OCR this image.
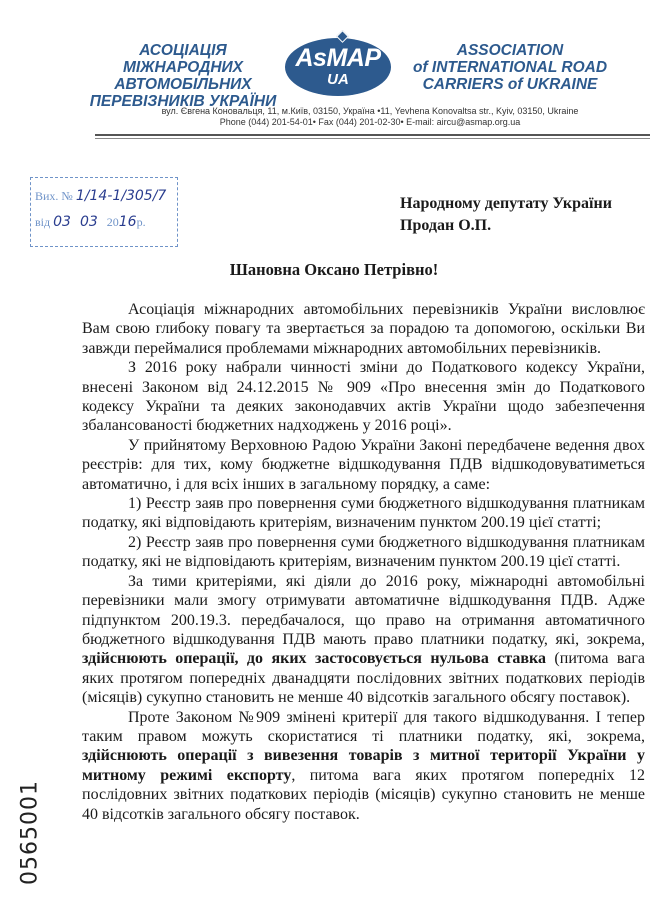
АСОЦІАЦІЯ
МІЖНАРОДНИХ АВТОМОБІЛЬНИХ
ПЕРЕВІЗНИКІВ УКРАЇНИ
AsMAP
UA
ASSOCIATION
of INTERNATIONAL ROAD
CARRIERS of UKRAINE
вул. Євгена Коновальця, 11, м.Київ, 03150, Україна •11, Yevhena Konovaltsa str., Kyiv, 03150, Ukraine
Phone (044) 201-54-01• Fax (044) 201-02-30• E-mail: aircu@asmap.org.ua
Вих. № 1/14-1/305/7
від 03 03 2016р.
Народному депутату України
Продан О.П.
Шановна Оксано Петрівно!

Асоціація міжнародних автомобільних перевізників України висловлює Вам свою глибоку повагу та звертається за порадою та допомогою, оскільки Ви завжди переймалися проблемами міжнародних автомобільних перевізників.

З 2016 року набрали чинності зміни до Податкового кодексу України, внесені Законом від 24.12.2015 № 909 «Про внесення змін до Податкового кодексу України та деяких законодавчих актів України щодо забезпечення збалансованості бюджетних надходжень у 2016 році».

У прийнятому Верховною Радою України Законі передбачене ведення двох реєстрів: для тих, кому бюджетне відшкодування ПДВ відшкодовуватиметься автоматично, і для всіх інших в загальному порядку, а саме:

1) Реєстр заяв про повернення суми бюджетного відшкодування платникам податку, які відповідають критеріям, визначеним пунктом 200.19 цієї статті;

2) Реєстр заяв про повернення суми бюджетного відшкодування платникам податку, які не відповідають критеріям, визначеним пунктом 200.19 цієї статті.

За тими критеріями, які діяли до 2016 року, міжнародні автомобільні перевізники мали змогу отримувати автоматичне відшкодування ПДВ. Адже підпунктом 200.19.3. передбачалося, що право на отримання автоматичного бюджетного відшкодування ПДВ мають право платники податку, які, зокрема, здійснюють операції, до яких застосовується нульова ставка (питома вага яких протягом попередніх дванадцяти послідовних звітних податкових періодів (місяців) сукупно становить не менше 40 відсотків загального обсягу поставок).

Проте Законом №909 змінені критерії для такого відшкодування. І тепер таким правом можуть скористатися ті платники податку, які, зокрема, здійснюють операції з вивезення товарів з митної території України у митному режимі експорту, питома вага яких протягом попередніх 12 послідовних звітних податкових періодів (місяців) сукупно становить не менше 40 відсотків загального обсягу поставок.

0565001
